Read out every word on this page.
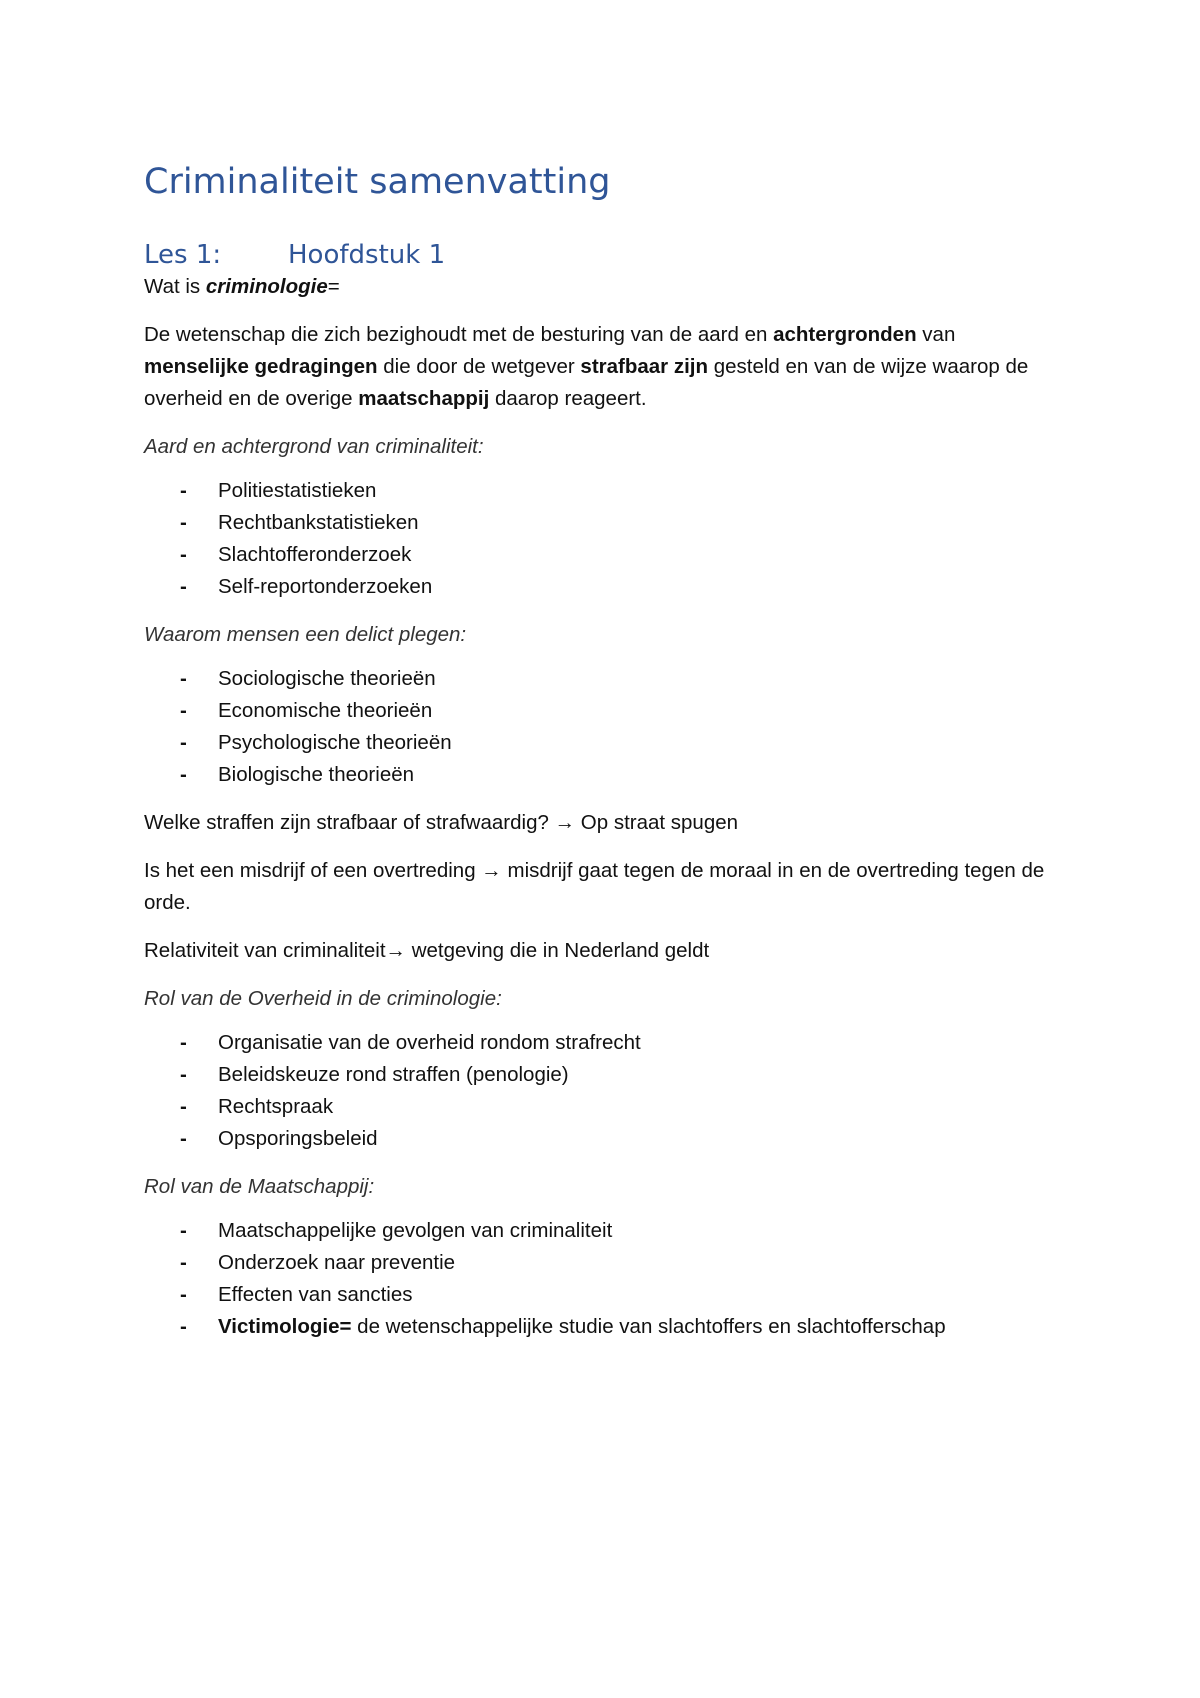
Criminaliteit samenvatting
Les 1:	Hoofdstuk 1

Wat is criminologie=

De wetenschap die zich bezighoudt met de besturing van de aard en achtergronden van menselijke gedragingen die door de wetgever strafbaar zijn gesteld en van de wijze waarop de overheid en de overige maatschappij daarop reageert.

Aard en achtergrond van criminaliteit:

-	Politiestatistieken
-	Rechtbankstatistieken
-	Slachtofferonderzoek
-	Self-reportonderzoeken

Waarom mensen een delict plegen:

-	Sociologische theorieën
-	Economische theorieën
-	Psychologische theorieën
-	Biologische theorieën

Welke straffen zijn strafbaar of strafwaardig? → Op straat spugen

Is het een misdrijf of een overtreding → misdrijf gaat tegen de moraal in en de overtreding tegen de orde.

Relativiteit van criminaliteit→ wetgeving die in Nederland geldt

Rol van de Overheid in de criminologie:

-	Organisatie van de overheid rondom strafrecht
-	Beleidskeuze rond straffen (penologie)
-	Rechtspraak
-	Opsporingsbeleid

Rol van de Maatschappij:

-	Maatschappelijke gevolgen van criminaliteit
-	Onderzoek naar preventie
-	Effecten van sancties
-	Victimologie= de wetenschappelijke studie van slachtoffers en slachtofferschap
